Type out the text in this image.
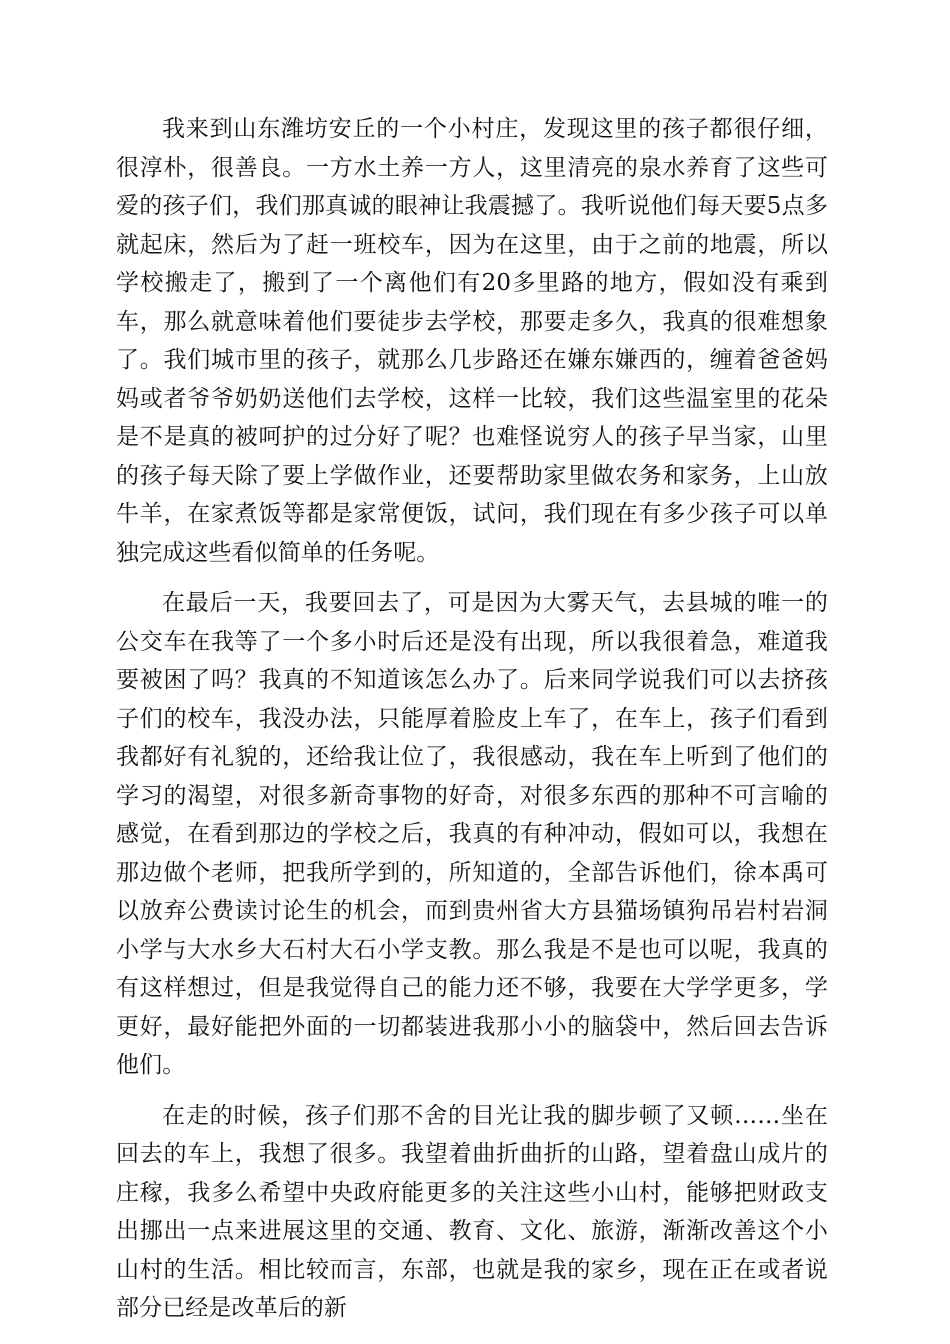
我来到山东潍坊安丘的一个小村庄，发现这里的孩子都很仔细，很淳朴，很善良。一方水土养一方人，这里清亮的泉水养育了这些可爱的孩子们，我们那真诚的眼神让我震撼了。我听说他们每天要5点多就起床，然后为了赶一班校车，因为在这里，由于之前的地震，所以学校搬走了，搬到了一个离他们有20多里路的地方，假如没有乘到车，那么就意味着他们要徒步去学校，那要走多久，我真的很难想象了。我们城市里的孩子，就那么几步路还在嫌东嫌西的，缠着爸爸妈妈或者爷爷奶奶送他们去学校，这样一比较，我们这些温室里的花朵是不是真的被呵护的过分好了呢？也难怪说穷人的孩子早当家，山里的孩子每天除了要上学做作业，还要帮助家里做农务和家务，上山放牛羊，在家煮饭等都是家常便饭，试问，我们现在有多少孩子可以单独完成这些看似简单的任务呢。

在最后一天，我要回去了，可是因为大雾天气，去县城的唯一的公交车在我等了一个多小时后还是没有出现，所以我很着急，难道我要被困了吗？我真的不知道该怎么办了。后来同学说我们可以去挤孩子们的校车，我没办法，只能厚着脸皮上车了，在车上，孩子们看到我都好有礼貌的，还给我让位了，我很感动，我在车上听到了他们的学习的渴望，对很多新奇事物的好奇，对很多东西的那种不可言喻的感觉，在看到那边的学校之后，我真的有种冲动，假如可以，我想在那边做个老师，把我所学到的，所知道的，全部告诉他们，徐本禹可以放弃公费读讨论生的机会，而到贵州省大方县猫场镇狗吊岩村岩洞小学与大水乡大石村大石小学支教。那么我是不是也可以呢，我真的有这样想过，但是我觉得自己的能力还不够，我要在大学学更多，学更好，最好能把外面的一切都装进我那小小的脑袋中，然后回去告诉他们。

在走的时候，孩子们那不舍的目光让我的脚步顿了又顿……坐在回去的车上，我想了很多。我望着曲折曲折的山路，望着盘山成片的庄稼，我多么希望中央政府能更多的关注这些小山村，能够把财政支出挪出一点来进展这里的交通、教育、文化、旅游，渐渐改善这个小山村的生活。相比较而言，东部，也就是我的家乡，现在正在或者说部分已经是改革后的新
